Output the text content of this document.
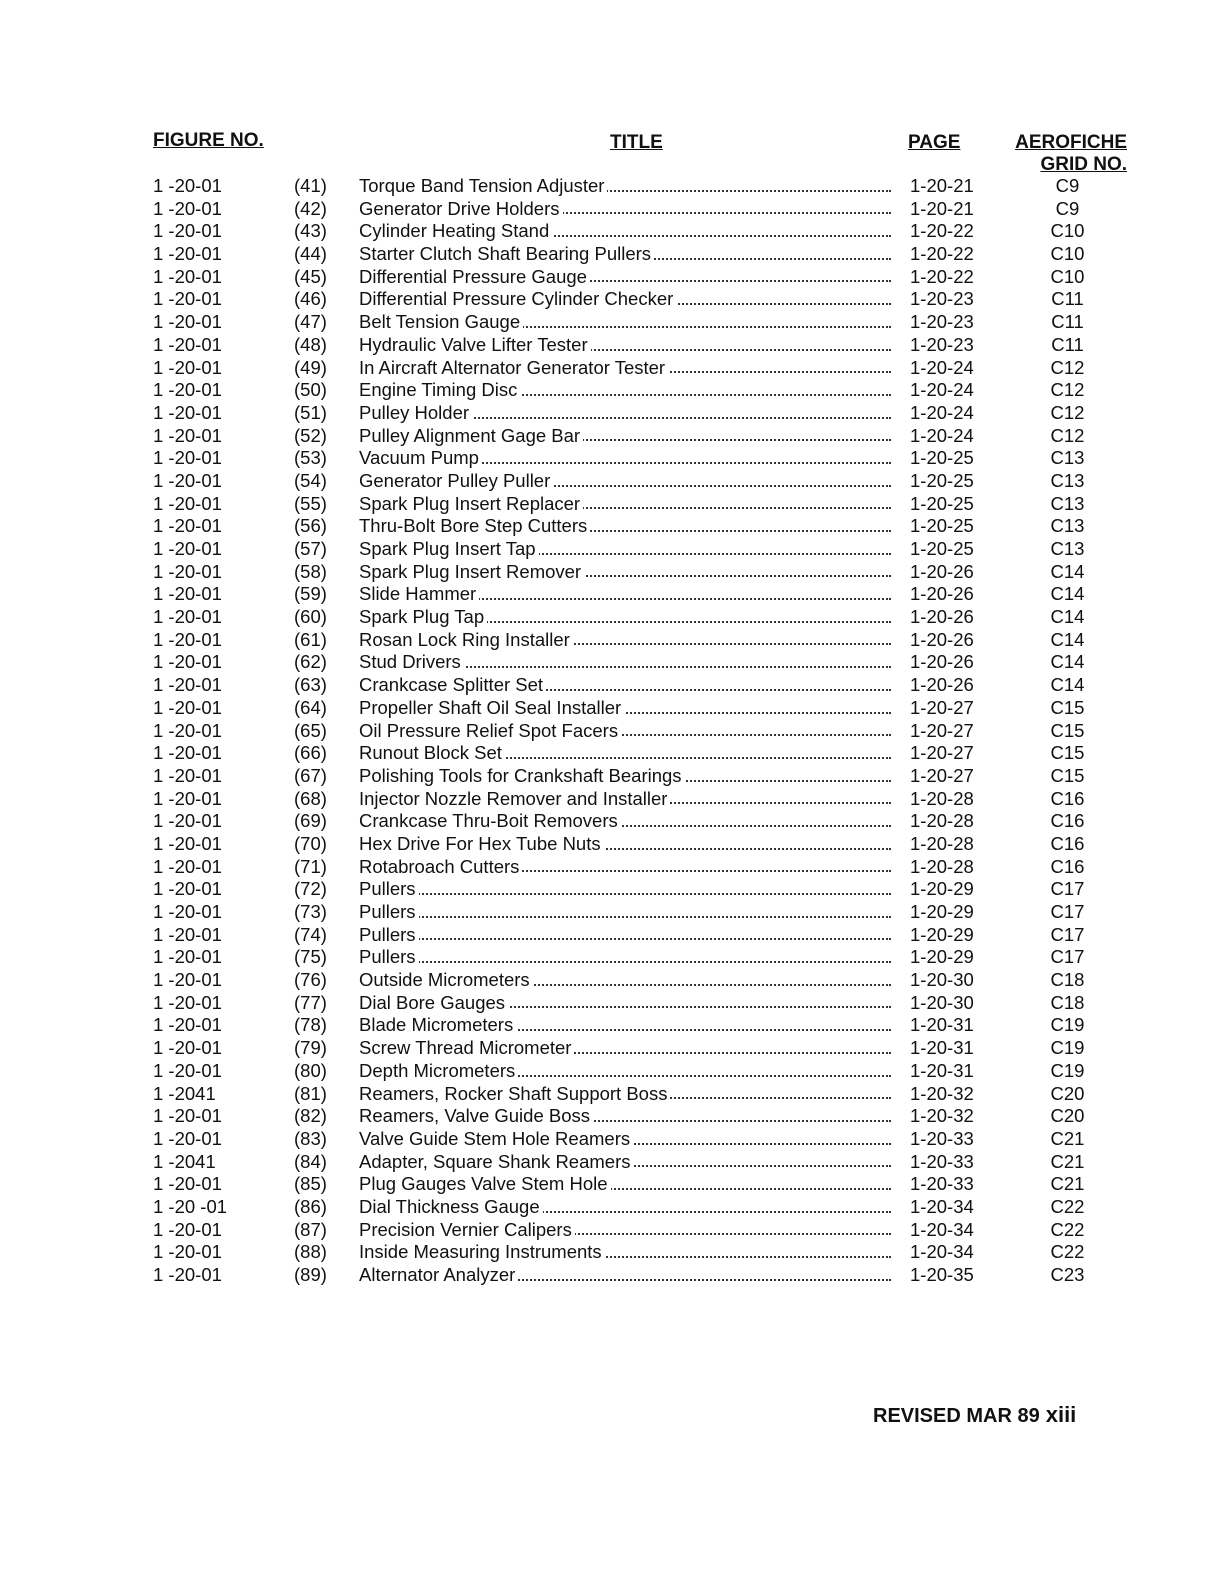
FIGURE NO.	TITLE	PAGE	AEROFICHE
GRID NO.
1 -20-01	(41)	Torque Band Tension Adjuster	1-20-21	C9
1 -20-01	(42)	Generator Drive Holders	1-20-21	C9
1 -20-01	(43)	Cylinder Heating Stand	1-20-22	C10
1 -20-01	(44)	Starter Clutch Shaft Bearing Pullers	1-20-22	C10
1 -20-01	(45)	Differential Pressure Gauge	1-20-22	C10
1 -20-01	(46)	Differential Pressure Cylinder Checker	1-20-23	C11
1 -20-01	(47)	Belt Tension Gauge	1-20-23	C11
1 -20-01	(48)	Hydraulic Valve Lifter Tester	1-20-23	C11
1 -20-01	(49)	In Aircraft Alternator Generator Tester	1-20-24	C12
1 -20-01	(50)	Engine Timing Disc	1-20-24	C12
1 -20-01	(51)	Pulley Holder	1-20-24	C12
1 -20-01	(52)	Pulley Alignment Gage Bar	1-20-24	C12
1 -20-01	(53)	Vacuum Pump	1-20-25	C13
1 -20-01	(54)	Generator Pulley Puller	1-20-25	C13
1 -20-01	(55)	Spark Plug Insert Replacer	1-20-25	C13
1 -20-01	(56)	Thru-Bolt Bore Step Cutters	1-20-25	C13
1 -20-01	(57)	Spark Plug Insert Tap	1-20-25	C13
1 -20-01	(58)	Spark Plug Insert Remover	1-20-26	C14
1 -20-01	(59)	Slide Hammer	1-20-26	C14
1 -20-01	(60)	Spark Plug Tap	1-20-26	C14
1 -20-01	(61)	Rosan Lock Ring Installer	1-20-26	C14
1 -20-01	(62)	Stud Drivers	1-20-26	C14
1 -20-01	(63)	Crankcase Splitter Set	1-20-26	C14
1 -20-01	(64)	Propeller Shaft Oil Seal Installer	1-20-27	C15
1 -20-01	(65)	Oil Pressure Relief Spot Facers	1-20-27	C15
1 -20-01	(66)	Runout Block Set	1-20-27	C15
1 -20-01	(67)	Polishing Tools for Crankshaft Bearings	1-20-27	C15
1 -20-01	(68)	Injector Nozzle Remover and Installer	1-20-28	C16
1 -20-01	(69)	Crankcase Thru-Boit Removers	1-20-28	C16
1 -20-01	(70)	Hex Drive For Hex Tube Nuts	1-20-28	C16
1 -20-01	(71)	Rotabroach Cutters	1-20-28	C16
1 -20-01	(72)	Pullers	1-20-29	C17
1 -20-01	(73)	Pullers	1-20-29	C17
1 -20-01	(74)	Pullers	1-20-29	C17
1 -20-01	(75)	Pullers	1-20-29	C17
1 -20-01	(76)	Outside Micrometers	1-20-30	C18
1 -20-01	(77)	Dial Bore Gauges	1-20-30	C18
1 -20-01	(78)	Blade Micrometers	1-20-31	C19
1 -20-01	(79)	Screw Thread Micrometer	1-20-31	C19
1 -20-01	(80)	Depth Micrometers	1-20-31	C19
1 -2041	(81)	Reamers, Rocker Shaft Support Boss	1-20-32	C20
1 -20-01	(82)	Reamers, Valve Guide Boss	1-20-32	C20
1 -20-01	(83)	Valve Guide Stem Hole Reamers	1-20-33	C21
1 -2041	(84)	Adapter, Square Shank Reamers	1-20-33	C21
1 -20-01	(85)	Plug Gauges Valve Stem Hole	1-20-33	C21
1 -20 -01	(86)	Dial Thickness Gauge	1-20-34	C22
1 -20-01	(87)	Precision Vernier Calipers	1-20-34	C22
1 -20-01	(88)	Inside Measuring Instruments	1-20-34	C22
1 -20-01	(89)	Alternator Analyzer	1-20-35	C23
REVISED MAR 89 xiii
